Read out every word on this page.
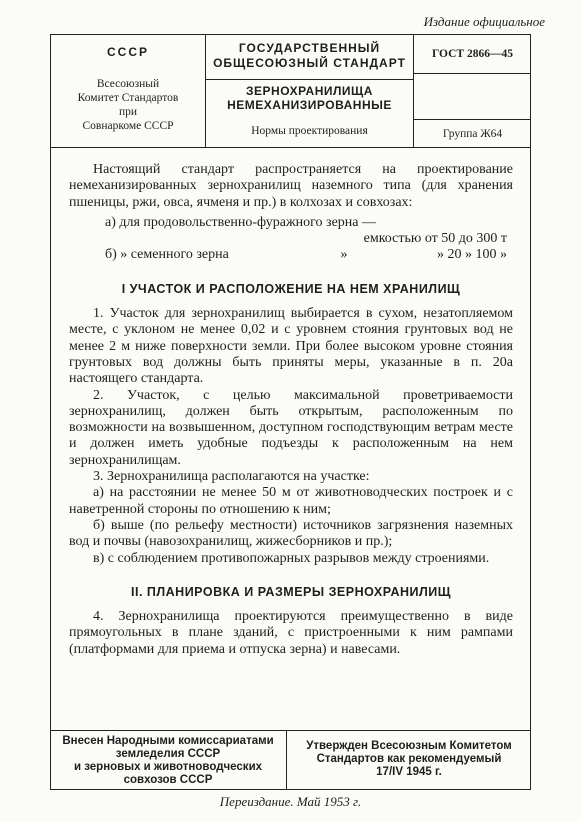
Издание официальное
СССР
Всесоюзный
Комитет Стандартов
при
Совнаркоме СССР
ГОСУДАРСТВЕННЫЙ
ОБЩЕСОЮЗНЫЙ СТАНДАРТ
ЗЕРНОХРАНИЛИЩА
НЕМЕХАНИЗИРОВАННЫЕ
Нормы проектирования
ГОСТ 2866—45
Группа Ж64

Настоящий стандарт распространяется на проектирование немеханизированных зернохранилищ наземного типа (для хранения пшеницы, ржи, овса, ячменя и пр.) в колхозах и совхозах:

а) для продовольственно-фуражного зерна —

емкостью от 50 до 300 т

б) » семенного зерна	»	» 20 » 100 »

I УЧАСТОК И РАСПОЛОЖЕНИЕ НА НЕМ ХРАНИЛИЩ

1. Участок для зернохранилищ выбирается в сухом, незатопляемом месте, с уклоном не менее 0,02 и с уровнем стояния грунтовых вод не менее 2 м ниже поверхности земли. При более высоком уровне стояния грунтовых вод должны быть приняты меры, указанные в п. 20а настоящего стандарта.

2. Участок, с целью максимальной проветриваемости зернохранилищ, должен быть открытым, расположенным по возможности на возвышенном, доступном господствующим ветрам месте и должен иметь удобные подъезды к расположенным на нем зернохранилищам.

3. Зернохранилища располагаются на участке:

а) на расстоянии не менее 50 м от животноводческих построек и с наветренной стороны по отношению к ним;

б) выше (по рельефу местности) источников загрязнения наземных вод и почвы (навозохранилищ, жижесборников и пр.);

в) с соблюдением противопожарных разрывов между строениями.

II. ПЛАНИРОВКА И РАЗМЕРЫ ЗЕРНОХРАНИЛИЩ

4. Зернохранилища проектируются преимущественно в виде прямоугольных в плане зданий, с пристроенными к ним рампами (платформами для приема и отпуска зерна) и навесами.

Внесен Народными комиссариатами
земледелия СССР
и зерновых и животноводческих
совхозов СССР
Утвержден Всесоюзным Комитетом
Стандартов как рекомендуемый
17/IV 1945 г.
Переиздание. Май 1953 г.
